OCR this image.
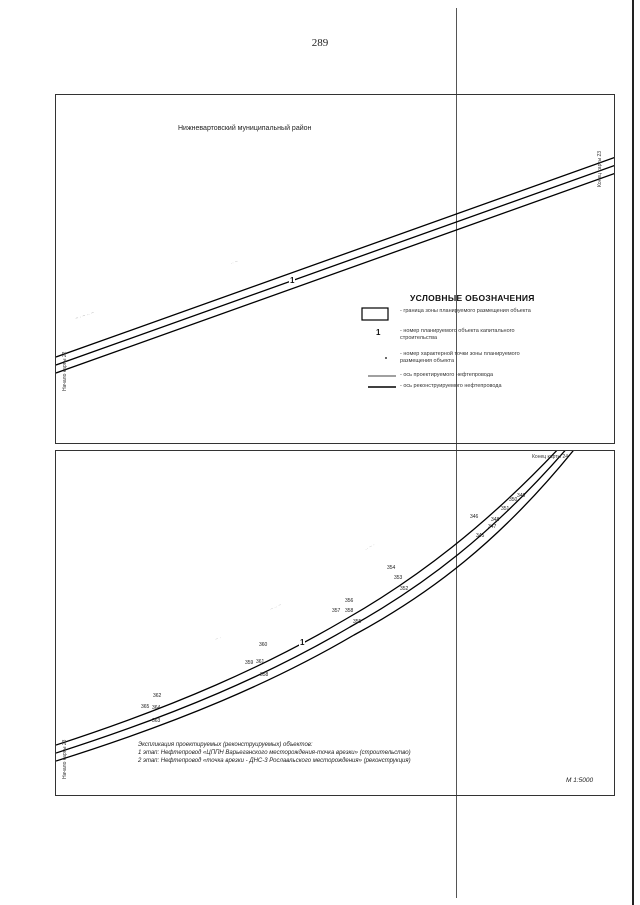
289
~ · ~ ·· ~
·· ~
Нижневартовский муниципальный район
Начало карты 22
Конец карты 23
1
УСЛОВНЫЕ ОБОЗНАЧЕНИЯ
- граница зоны планируемого размещения объекта
1	- номер планируемого объекта капитального строительства
- номер характерной точки зоны планируемого размещения объекта
- ось проектируемого нефтепровода
- ось реконструируемого нефтепровода
~ ·· ~
·· ~ ·
~ ·
Начало карты 23
Конец карты 24
1
362
365 364
363
360
359 361
358
356
357 358
355
354
353
352
350
349
351
348
347
346
345
Экспликация проектируемых (реконструируемых) объектов:
1 этап: Нефтепровод «ЦППН Варьеганского месторождения-точка врезки» (строительство)
2 этап: Нефтепровод «точка врезки - ДНС-3 Рославльского месторождения» (реконструкция)
М 1:5000
